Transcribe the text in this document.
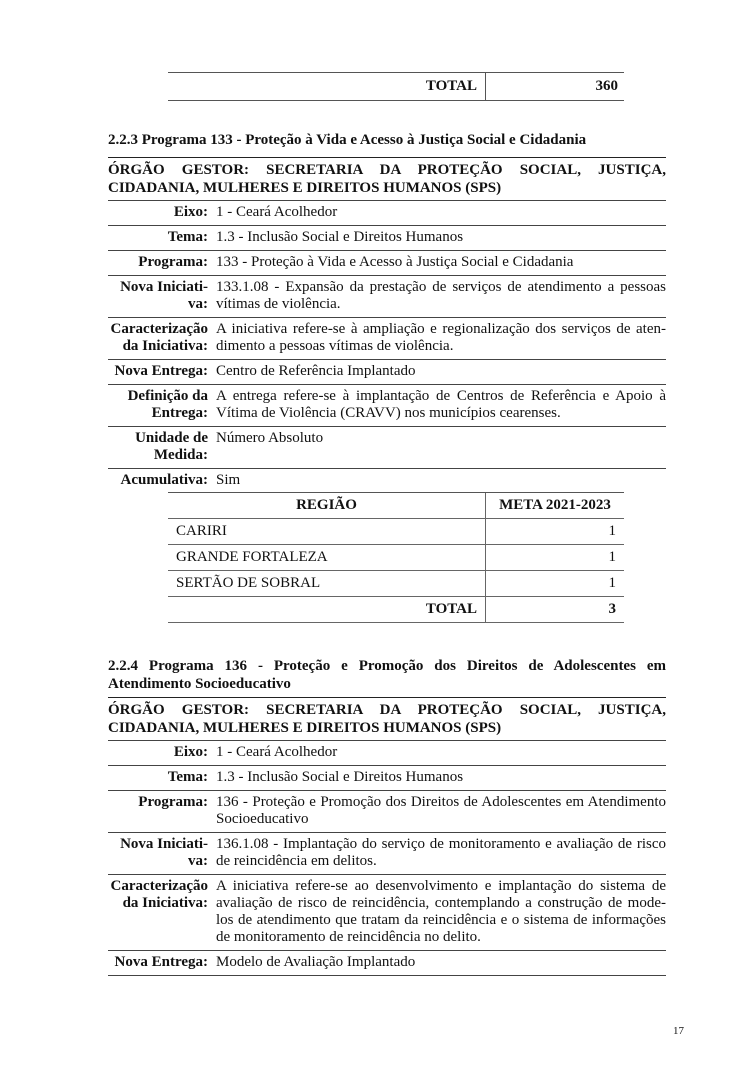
TOTAL	360
2.2.3 Programa 133 - Proteção à Vida e Acesso à Justiça Social e Cidadania
ÓRGÃO GESTOR: SECRETARIA DA PROTEÇÃO SOCIAL, JUSTIÇA,
CIDADANIA, MULHERES E DIREITOS HUMANOS (SPS)
Eixo: 1 - Ceará Acolhedor
Tema: 1.3 - Inclusão Social e Direitos Humanos
Programa: 133 - Proteção à Vida e Acesso à Justiça Social e Cidadania
Nova Iniciati-va:
133.1.08 - Expansão da prestação de serviços de atendimento a pessoas vítimas de violência.
Caracterização da Iniciativa:
A iniciativa refere-se à ampliação e regionalização dos serviços de aten-dimento a pessoas vítimas de violência.
Nova Entrega: Centro de Referência Implantado
Definição da Entrega:
A entrega refere-se à implantação de Centros de Referência e Apoio à Vítima de Violência (CRAVV) nos municípios cearenses.
Unidade de Medida:
Número Absoluto
Acumulativa: Sim
REGIÃO	META 2021-2023
CARIRI	1
GRANDE FORTALEZA	1
SERTÃO DE SOBRAL	1
TOTAL	3
2.2.4 Programa 136 - Proteção e Promoção dos Direitos de Adolescentes em Atendimento Socioeducativo
ÓRGÃO GESTOR: SECRETARIA DA PROTEÇÃO SOCIAL, JUSTIÇA,
CIDADANIA, MULHERES E DIREITOS HUMANOS (SPS)
Eixo: 1 - Ceará Acolhedor
Tema: 1.3 - Inclusão Social e Direitos Humanos
Programa: 136 - Proteção e Promoção dos Direitos de Adolescentes em Atendimento Socioeducativo
Nova Iniciati-va:
136.1.08 - Implantação do serviço de monitoramento e avaliação de risco de reincidência em delitos.
Caracterização da Iniciativa:
A iniciativa refere-se ao desenvolvimento e implantação do sistema de avaliação de risco de reincidência, contemplando a construção de mode-los de atendimento que tratam da reincidência e o sistema de informações de monitoramento de reincidência no delito.
Nova Entrega: Modelo de Avaliação Implantado
17
